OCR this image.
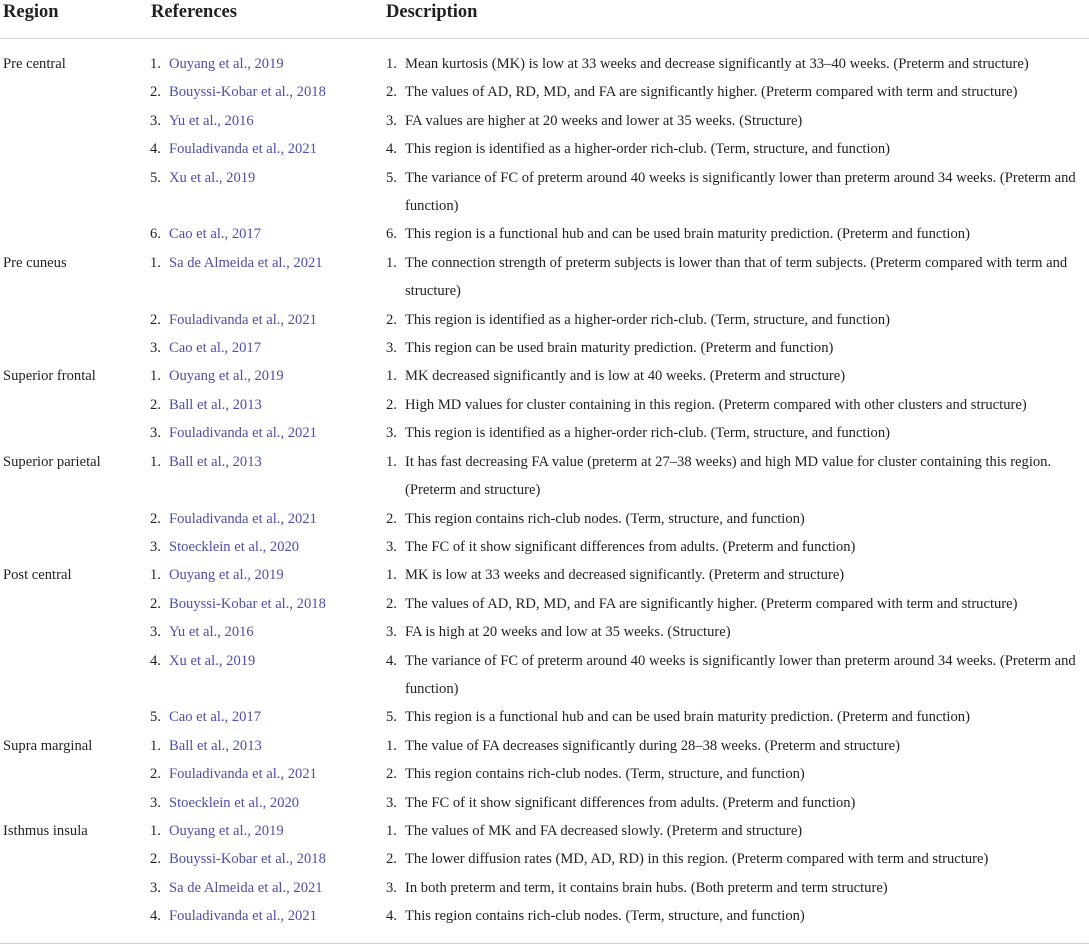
Region	References	Description
Pre central	1. Ouyang et al., 2019	1. Mean kurtosis (MK) is low at 33 weeks and decrease significantly at 33–40 weeks. (Preterm and structure)

	2. Bouyssi-Kobar et al., 2018	2. The values of AD, RD, MD, and FA are significantly higher. (Preterm compared with term and structure)

	3. Yu et al., 2016	3. FA values are higher at 20 weeks and lower at 35 weeks. (Structure)

	4. Fouladivanda et al., 2021	4. This region is identified as a higher-order rich-club. (Term, structure, and function)

	5. Xu et al., 2019	5. The variance of FC of preterm around 40 weeks is significantly lower than preterm around 34 weeks. (Preterm and function)

	6. Cao et al., 2017	6. This region is a functional hub and can be used brain maturity prediction. (Preterm and function)

Pre cuneus	1. Sa de Almeida et al., 2021	1. The connection strength of preterm subjects is lower than that of term subjects. (Preterm compared with term and structure)

	2. Fouladivanda et al., 2021	2. This region is identified as a higher-order rich-club. (Term, structure, and function)

	3. Cao et al., 2017	3. This region can be used brain maturity prediction. (Preterm and function)

Superior frontal	1. Ouyang et al., 2019	1. MK decreased significantly and is low at 40 weeks. (Preterm and structure)

	2. Ball et al., 2013	2. High MD values for cluster containing in this region. (Preterm compared with other clusters and structure)

	3. Fouladivanda et al., 2021	3. This region is identified as a higher-order rich-club. (Term, structure, and function)

Superior parietal	1. Ball et al., 2013	1. It has fast decreasing FA value (preterm at 27–38 weeks) and high MD value for cluster containing this region. (Preterm and structure)

	2. Fouladivanda et al., 2021	2. This region contains rich-club nodes. (Term, structure, and function)

	3. Stoecklein et al., 2020	3. The FC of it show significant differences from adults. (Preterm and function)

Post central	1. Ouyang et al., 2019	1. MK is low at 33 weeks and decreased significantly. (Preterm and structure)

	2. Bouyssi-Kobar et al., 2018	2. The values of AD, RD, MD, and FA are significantly higher. (Preterm compared with term and structure)

	3. Yu et al., 2016	3. FA is high at 20 weeks and low at 35 weeks. (Structure)

	4. Xu et al., 2019	4. The variance of FC of preterm around 40 weeks is significantly lower than preterm around 34 weeks. (Preterm and function)

	5. Cao et al., 2017	5. This region is a functional hub and can be used brain maturity prediction. (Preterm and function)

Supra marginal	1. Ball et al., 2013	1. The value of FA decreases significantly during 28–38 weeks. (Preterm and structure)

	2. Fouladivanda et al., 2021	2. This region contains rich-club nodes. (Term, structure, and function)

	3. Stoecklein et al., 2020	3. The FC of it show significant differences from adults. (Preterm and function)

Isthmus insula	1. Ouyang et al., 2019	1. The values of MK and FA decreased slowly. (Preterm and structure)

	2. Bouyssi-Kobar et al., 2018	2. The lower diffusion rates (MD, AD, RD) in this region. (Preterm compared with term and structure)

	3. Sa de Almeida et al., 2021	3. In both preterm and term, it contains brain hubs. (Both preterm and term structure)

	4. Fouladivanda et al., 2021	4. This region contains rich-club nodes. (Term, structure, and function)
